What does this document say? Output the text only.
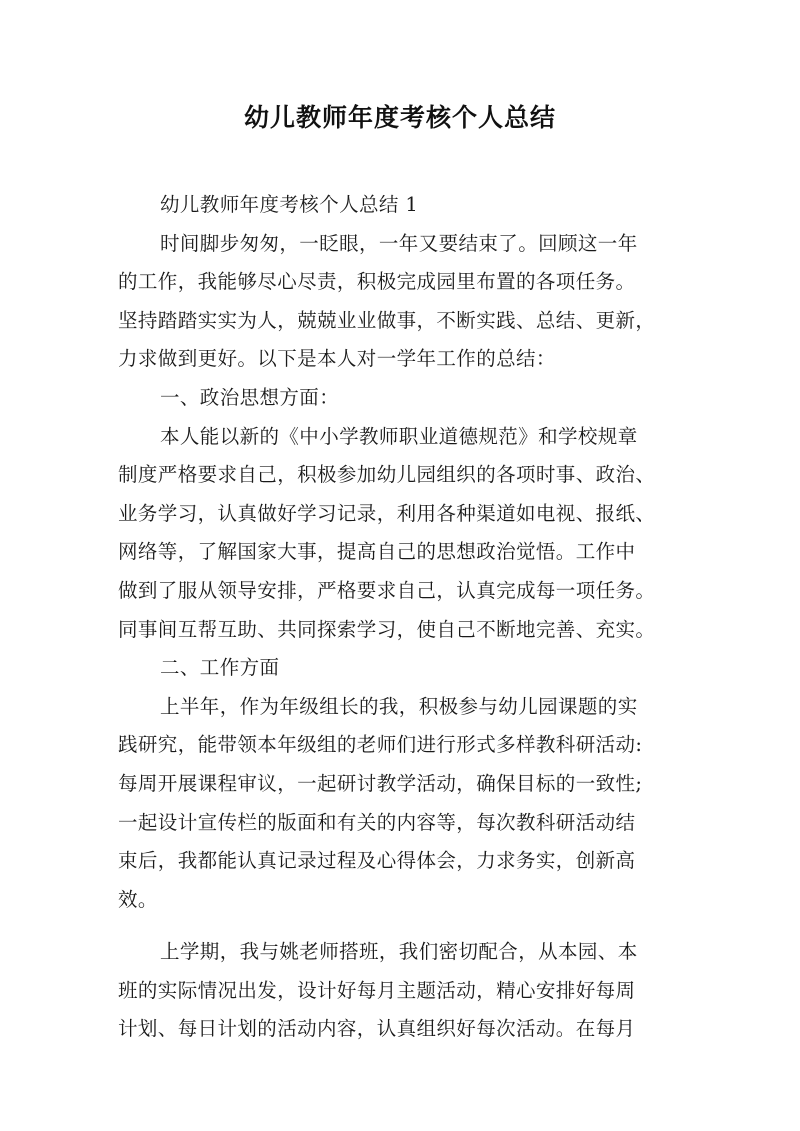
幼儿教师年度考核个人总结

幼儿教师年度考核个人总结 1

时间脚步匆匆，一眨眼，一年又要结束了。回顾这一年

的工作，我能够尽心尽责，积极完成园里布置的各项任务。

坚持踏踏实实为人，兢兢业业做事，不断实践、总结、更新，

力求做到更好。以下是本人对一学年工作的总结：

一、政治思想方面：

本人能以新的《中小学教师职业道德规范》和学校规章

制度严格要求自己，积极参加幼儿园组织的各项时事、政治、

业务学习，认真做好学习记录，利用各种渠道如电视、报纸、

网络等，了解国家大事，提高自己的思想政治觉悟。工作中

做到了服从领导安排，严格要求自己，认真完成每一项任务。

同事间互帮互助、共同探索学习，使自己不断地完善、充实。

二、工作方面

上半年，作为年级组长的我，积极参与幼儿园课题的实

践研究，能带领本年级组的老师们进行形式多样教科研活动:

每周开展课程审议，一起研讨教学活动，确保目标的一致性;

一起设计宣传栏的版面和有关的内容等，每次教科研活动结

束后，我都能认真记录过程及心得体会，力求务实，创新高

效。

上学期，我与姚老师搭班，我们密切配合，从本园、本

班的实际情况出发，设计好每月主题活动，精心安排好每周

计划、每日计划的活动内容，认真组织好每次活动。在每月
